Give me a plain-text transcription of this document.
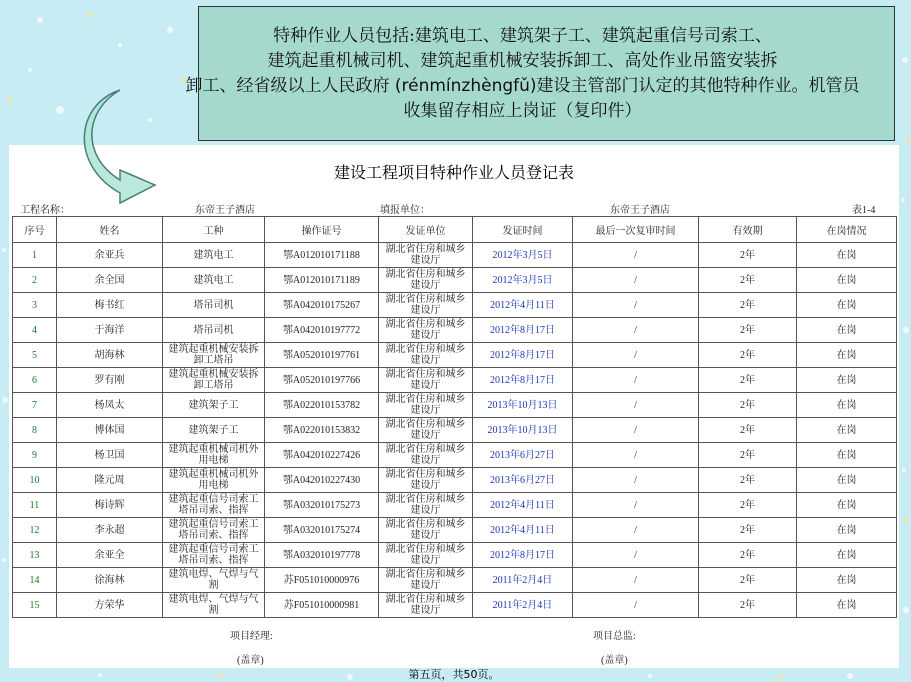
特种作业人员包括:建筑电工、建筑架子工、建筑起重信号司索工、
建筑起重机械司机、建筑起重机械安装拆卸工、高处作业吊篮安装拆
卸工、经省级以上人民政府 (rénmínzhèngfǔ)建设主管部门认定的其他特种作业。机管员
收集留存相应上岗证（复印件）
建设工程项目特种作业人员登记表
工程名称：	东帝王子酒店	填报单位：	东帝王子酒店	表1-4
序号	姓名	工种	操作证号	发证单位	发证时间	最后一次复审时间	有效期	在岗情况
1	余亚兵	建筑电工	鄂A012010171188	湖北省住房和城乡建设厅	2012年3月5日	/	2年	在岗
2	余全国	建筑电工	鄂A012010171189	湖北省住房和城乡建设厅	2012年3月5日	/	2年	在岗
3	梅书红	塔吊司机	鄂A042010175267	湖北省住房和城乡建设厅	2012年4月11日	/	2年	在岗
4	于海洋	塔吊司机	鄂A042010197772	湖北省住房和城乡建设厅	2012年8月17日	/	2年	在岗
5	胡海林	建筑起重机械安装拆卸工塔吊	鄂A052010197761	湖北省住房和城乡建设厅	2012年8月17日	/	2年	在岗
6	罗有刚	建筑起重机械安装拆卸工塔吊	鄂A052010197766	湖北省住房和城乡建设厅	2012年8月17日	/	2年	在岗
7	杨凤太	建筑架子工	鄂A022010153782	湖北省住房和城乡建设厅	2013年10月13日	/	2年	在岗
8	博体国	建筑架子工	鄂A022010153832	湖北省住房和城乡建设厅	2013年10月13日	/	2年	在岗
9	杨卫国	建筑起重机械司机外用电梯	鄂A042010227426	湖北省住房和城乡建设厅	2013年6月27日	/	2年	在岗
10	隆元周	建筑起重机械司机外用电梯	鄂A042010227430	湖北省住房和城乡建设厅	2013年6月27日	/	2年	在岗
11	梅诗辉	建筑起重信号司索工塔吊司索、指挥	鄂A032010175273	湖北省住房和城乡建设厅	2012年4月11日	/	2年	在岗
12	李永超	建筑起重信号司索工塔吊司索、指挥	鄂A032010175274	湖北省住房和城乡建设厅	2012年4月11日	/	2年	在岗
13	余亚全	建筑起重信号司索工塔吊司索、指挥	鄂A032010197778	湖北省住房和城乡建设厅	2012年8月17日	/	2年	在岗
14	徐海林	建筑电焊、气焊与气割	苏F051010000976	湖北省住房和城乡建设厅	2011年2月4日	/	2年	在岗
15	方荣华	建筑电焊、气焊与气割	苏F051010000981	湖北省住房和城乡建设厅	2011年2月4日	/	2年	在岗
项目经理:	项目总监:
(盖章)	(盖章)
第五页，共50页。
